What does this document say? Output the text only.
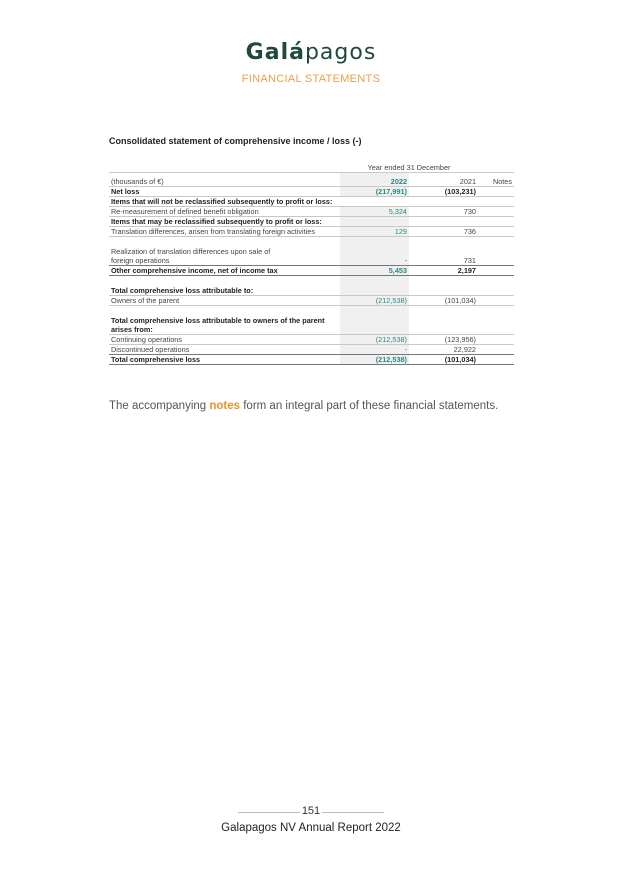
Galápagos
FINANCIAL STATEMENTS
Consolidated statement of comprehensive income / loss (-)
	Year ended 31 December		
(thousands of €)	2022	2021	Notes
Net loss	(217,991)	(103,231)	
Items that will not be reclassified subsequently to profit or loss:			
Re-measurement of defined benefit obligation	5,324	730	
Items that may be reclassified subsequently to profit or loss:			
Translation differences, arisen from translating foreign activities	129	736	

Realization of translation differences upon sale of			
foreign operations	-	731	
Other comprehensive income, net of income tax	5,453	2,197	

Total comprehensive loss attributable to:			
Owners of the parent	(212,538)	(101,034)	

Total comprehensive loss attributable to owners of the parent			
arises from:			
Continuing operations	(212,538)	(123,956)	
Discontinued operations	-	22,922	
Total comprehensive loss	(212,538)	(101,034)	
The accompanying notes form an integral part of these financial statements.
151
Galapagos NV Annual Report 2022
